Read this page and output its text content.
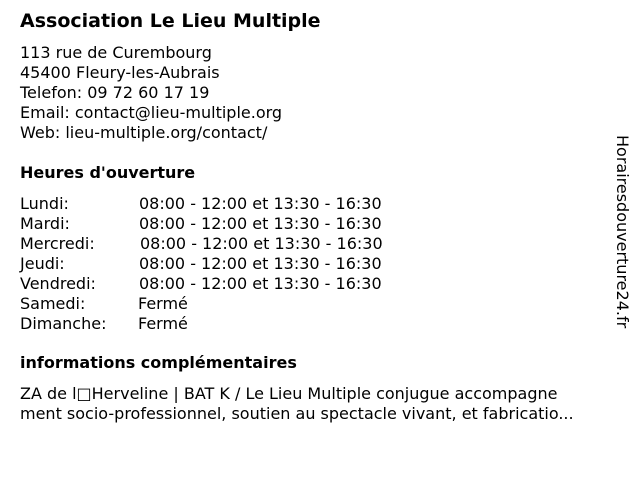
Association Le Lieu Multiple
113 rue de Curembourg
45400 Fleury-les-Aubrais
Telefon: 09 72 60 17 19
Email: contact@lieu-multiple.org
Web: lieu-multiple.org/contact/
Heures d'ouverture
Lundi:	08:00 - 12:00 et 13:30 - 16:30
Mardi:	08:00 - 12:00 et 13:30 - 16:30
Mercredi:	08:00 - 12:00 et 13:30 - 16:30
Jeudi:	08:00 - 12:00 et 13:30 - 16:30
Vendredi:	08:00 - 12:00 et 13:30 - 16:30
Samedi:	Fermé
Dimanche: Fermé
informations complémentaires
ZA de l□Herveline | BAT K / Le Lieu Multiple conjugue accompagne
ment socio-professionnel, soutien au spectacle vivant, et fabricatio...
Horairesdouverture24.fr
